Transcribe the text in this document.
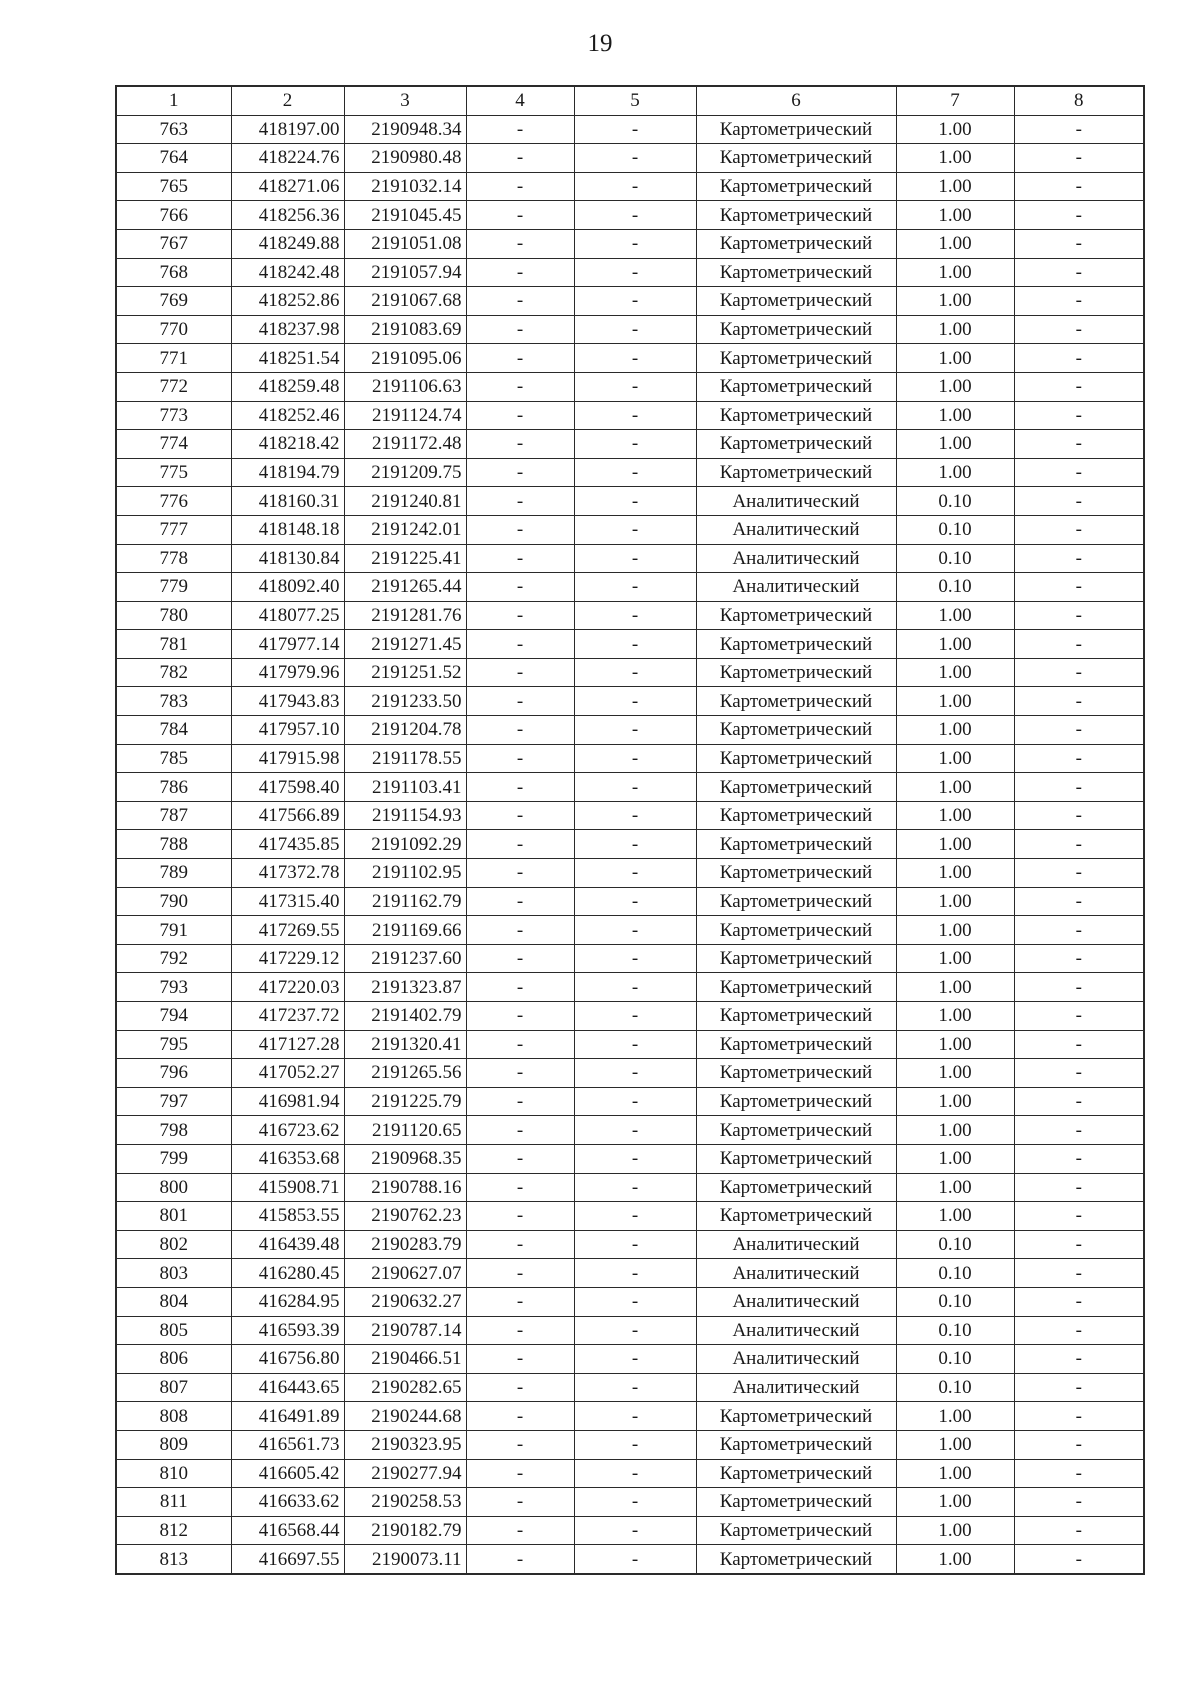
19
1	2	3	4	5	6	7	8
763	418197.00	2190948.34	-	-	Картометрический	1.00	-
764	418224.76	2190980.48	-	-	Картометрический	1.00	-
765	418271.06	2191032.14	-	-	Картометрический	1.00	-
766	418256.36	2191045.45	-	-	Картометрический	1.00	-
767	418249.88	2191051.08	-	-	Картометрический	1.00	-
768	418242.48	2191057.94	-	-	Картометрический	1.00	-
769	418252.86	2191067.68	-	-	Картометрический	1.00	-
770	418237.98	2191083.69	-	-	Картометрический	1.00	-
771	418251.54	2191095.06	-	-	Картометрический	1.00	-
772	418259.48	2191106.63	-	-	Картометрический	1.00	-
773	418252.46	2191124.74	-	-	Картометрический	1.00	-
774	418218.42	2191172.48	-	-	Картометрический	1.00	-
775	418194.79	2191209.75	-	-	Картометрический	1.00	-
776	418160.31	2191240.81	-	-	Аналитический	0.10	-
777	418148.18	2191242.01	-	-	Аналитический	0.10	-
778	418130.84	2191225.41	-	-	Аналитический	0.10	-
779	418092.40	2191265.44	-	-	Аналитический	0.10	-
780	418077.25	2191281.76	-	-	Картометрический	1.00	-
781	417977.14	2191271.45	-	-	Картометрический	1.00	-
782	417979.96	2191251.52	-	-	Картометрический	1.00	-
783	417943.83	2191233.50	-	-	Картометрический	1.00	-
784	417957.10	2191204.78	-	-	Картометрический	1.00	-
785	417915.98	2191178.55	-	-	Картометрический	1.00	-
786	417598.40	2191103.41	-	-	Картометрический	1.00	-
787	417566.89	2191154.93	-	-	Картометрический	1.00	-
788	417435.85	2191092.29	-	-	Картометрический	1.00	-
789	417372.78	2191102.95	-	-	Картометрический	1.00	-
790	417315.40	2191162.79	-	-	Картометрический	1.00	-
791	417269.55	2191169.66	-	-	Картометрический	1.00	-
792	417229.12	2191237.60	-	-	Картометрический	1.00	-
793	417220.03	2191323.87	-	-	Картометрический	1.00	-
794	417237.72	2191402.79	-	-	Картометрический	1.00	-
795	417127.28	2191320.41	-	-	Картометрический	1.00	-
796	417052.27	2191265.56	-	-	Картометрический	1.00	-
797	416981.94	2191225.79	-	-	Картометрический	1.00	-
798	416723.62	2191120.65	-	-	Картометрический	1.00	-
799	416353.68	2190968.35	-	-	Картометрический	1.00	-
800	415908.71	2190788.16	-	-	Картометрический	1.00	-
801	415853.55	2190762.23	-	-	Картометрический	1.00	-
802	416439.48	2190283.79	-	-	Аналитический	0.10	-
803	416280.45	2190627.07	-	-	Аналитический	0.10	-
804	416284.95	2190632.27	-	-	Аналитический	0.10	-
805	416593.39	2190787.14	-	-	Аналитический	0.10	-
806	416756.80	2190466.51	-	-	Аналитический	0.10	-
807	416443.65	2190282.65	-	-	Аналитический	0.10	-
808	416491.89	2190244.68	-	-	Картометрический	1.00	-
809	416561.73	2190323.95	-	-	Картометрический	1.00	-
810	416605.42	2190277.94	-	-	Картометрический	1.00	-
811	416633.62	2190258.53	-	-	Картометрический	1.00	-
812	416568.44	2190182.79	-	-	Картометрический	1.00	-
813	416697.55	2190073.11	-	-	Картометрический	1.00	-
